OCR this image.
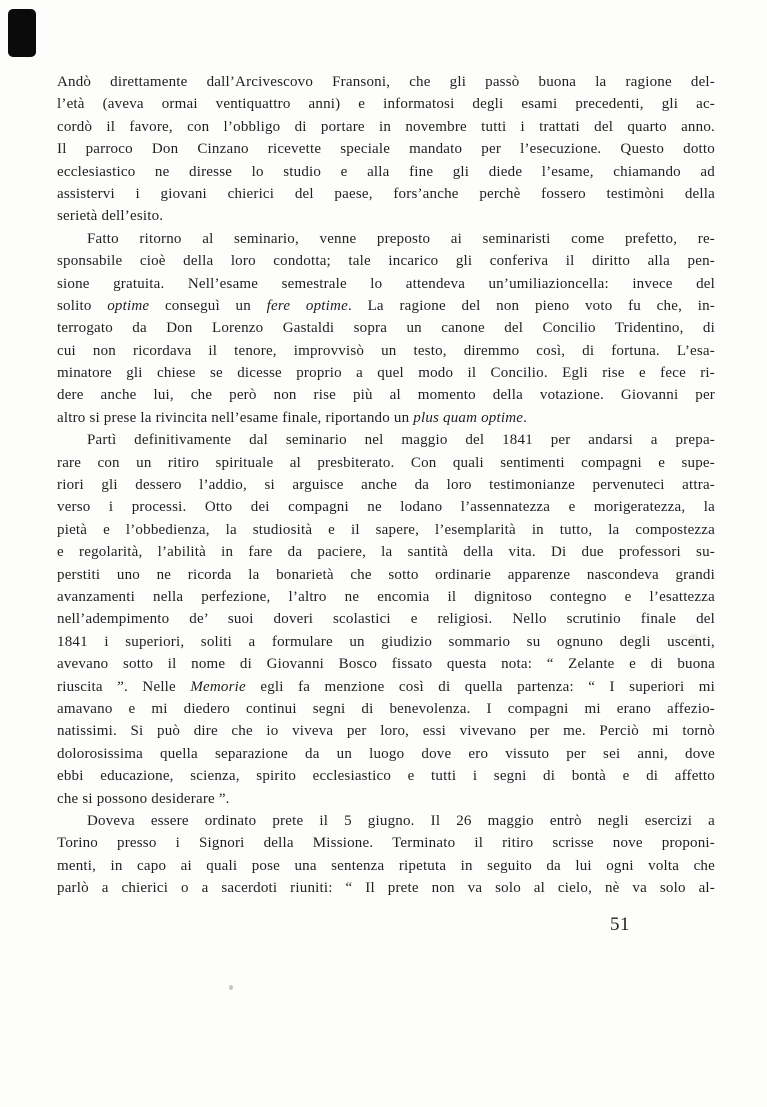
Andò direttamente dall’Arcivescovo Fransoni, che gli passò buona la ragione del-
l’età (aveva ormai ventiquattro anni) e informatosi degli esami precedenti, gli ac-
cordò il favore, con l’obbligo di portare in novembre tutti i trattati del quarto anno.
Il parroco Don Cinzano ricevette speciale mandato per l’esecuzione. Questo dotto
ecclesiastico ne diresse lo studio e alla fine gli diede l’esame, chiamando ad
assistervi i giovani chierici del paese, fors’anche perchè fossero testimòni della
serietà dell’esito.
Fatto ritorno al seminario, venne preposto ai seminaristi come prefetto, re-
sponsabile cioè della loro condotta; tale incarico gli conferiva il diritto alla pen-
sione gratuita. Nell’esame semestrale lo attendeva un’umiliazioncella: invece del
solito optime conseguì un fere optime. La ragione del non pieno voto fu che, in-
terrogato da Don Lorenzo Gastaldi sopra un canone del Concilio Tridentino, di
cui non ricordava il tenore, improvvisò un testo, diremmo così, di fortuna. L’esa-
minatore gli chiese se dicesse proprio a quel modo il Concilio. Egli rise e fece ri-
dere anche lui, che però non rise più al momento della votazione. Giovanni per
altro si prese la rivincita nell’esame finale, riportando un plus quam optime.
Partì definitivamente dal seminario nel maggio del 1841 per andarsi a prepa-
rare con un ritiro spirituale al presbiterato. Con quali sentimenti compagni e supe-
riori gli dessero l’addio, si arguisce anche da loro testimonianze pervenuteci attra-
verso i processi. Otto dei compagni ne lodano l’assennatezza e morigeratezza, la
pietà e l’obbedienza, la studiosità e il sapere, l’esemplarità in tutto, la compostezza
e regolarità, l’abilità in fare da paciere, la santità della vita. Di due professori su-
perstiti uno ne ricorda la bonarietà che sotto ordinarie apparenze nascondeva grandi
avanzamenti nella perfezione, l’altro ne encomia il dignitoso contegno e l’esattezza
nell’adempimento de’ suoi doveri scolastici e religiosi. Nello scrutinio finale del
1841 i superiori, soliti a formulare un giudizio sommario su ognuno degli uscenti,
avevano sotto il nome di Giovanni Bosco fissato questa nota: “ Zelante e di buona
riuscita ”. Nelle Memorie egli fa menzione così di quella partenza: “ I superiori mi
amavano e mi diedero continui segni di benevolenza. I compagni mi erano affezio-
natissimi. Si può dire che io viveva per loro, essi vivevano per me. Perciò mi tornò
dolorosissima quella separazione da un luogo dove ero vissuto per sei anni, dove
ebbi educazione, scienza, spirito ecclesiastico e tutti i segni di bontà e di affetto
che si possono desiderare ”.
Doveva essere ordinato prete il 5 giugno. Il 26 maggio entrò negli esercizi a
Torino presso i Signori della Missione. Terminato il ritiro scrisse nove proponi-
menti, in capo ai quali pose una sentenza ripetuta in seguito da lui ogni volta che
parlò a chierici o a sacerdoti riuniti: “ Il prete non va solo al cielo, nè va solo al-
51
